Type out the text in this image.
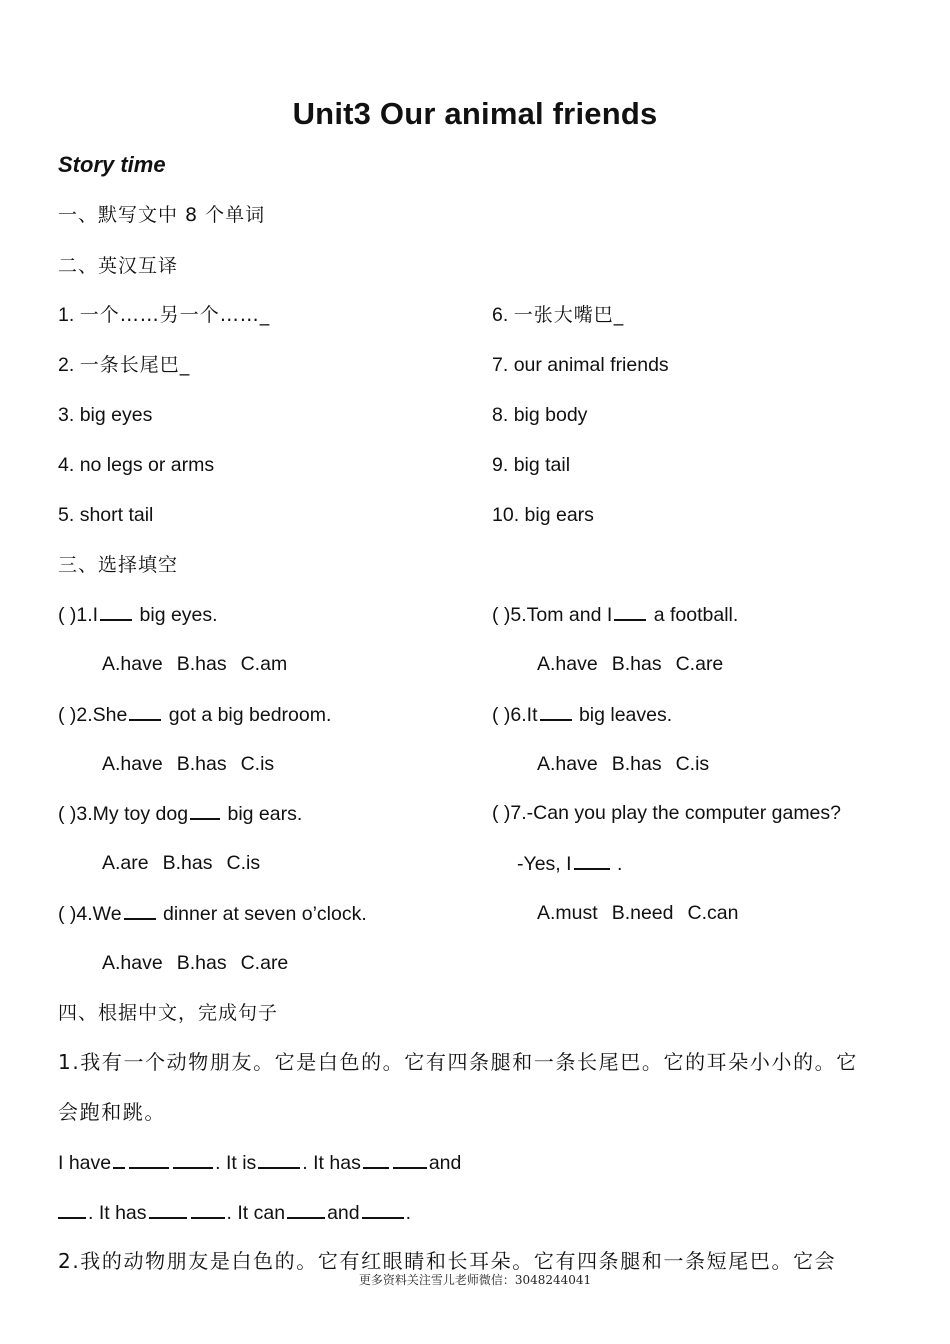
Unit3 Our animal friends
Story time
一、默写文中 8 个单词
二、英汉互译
1. 一个……另一个……_
2. 一条长尾巴_
3. big eyes
4. no legs or arms
5. short tail
6. 一张大嘴巴_
7. our animal friends
8. big body
9. big tail
10. big ears
三、选择填空
( )1.I big eyes.
A.have B.has C.am
( )2.She got a big bedroom.
A.have B.has C.is
( )3.My toy dog big ears.
A.are B.has C.is
( )4.We dinner at seven o’clock.
A.have B.has C.are
( )5.Tom and I a football.
A.have B.has C.are
( )6.It big leaves.
A.have B.has C.is
( )7.-Can you play the computer games?
-Yes, I .
A.must B.need C.can
四、根据中文，完成句子
1.我有一个动物朋友。它是白色的。它有四条腿和一条长尾巴。它的耳朵小小的。它
会跑和跳。
I have	. It is . It has	and
. It has	. It can and .
2.我的动物朋友是白色的。它有红眼睛和长耳朵。它有四条腿和一条短尾巴。它会
更多资料关注雪儿老师微信：3048244041
